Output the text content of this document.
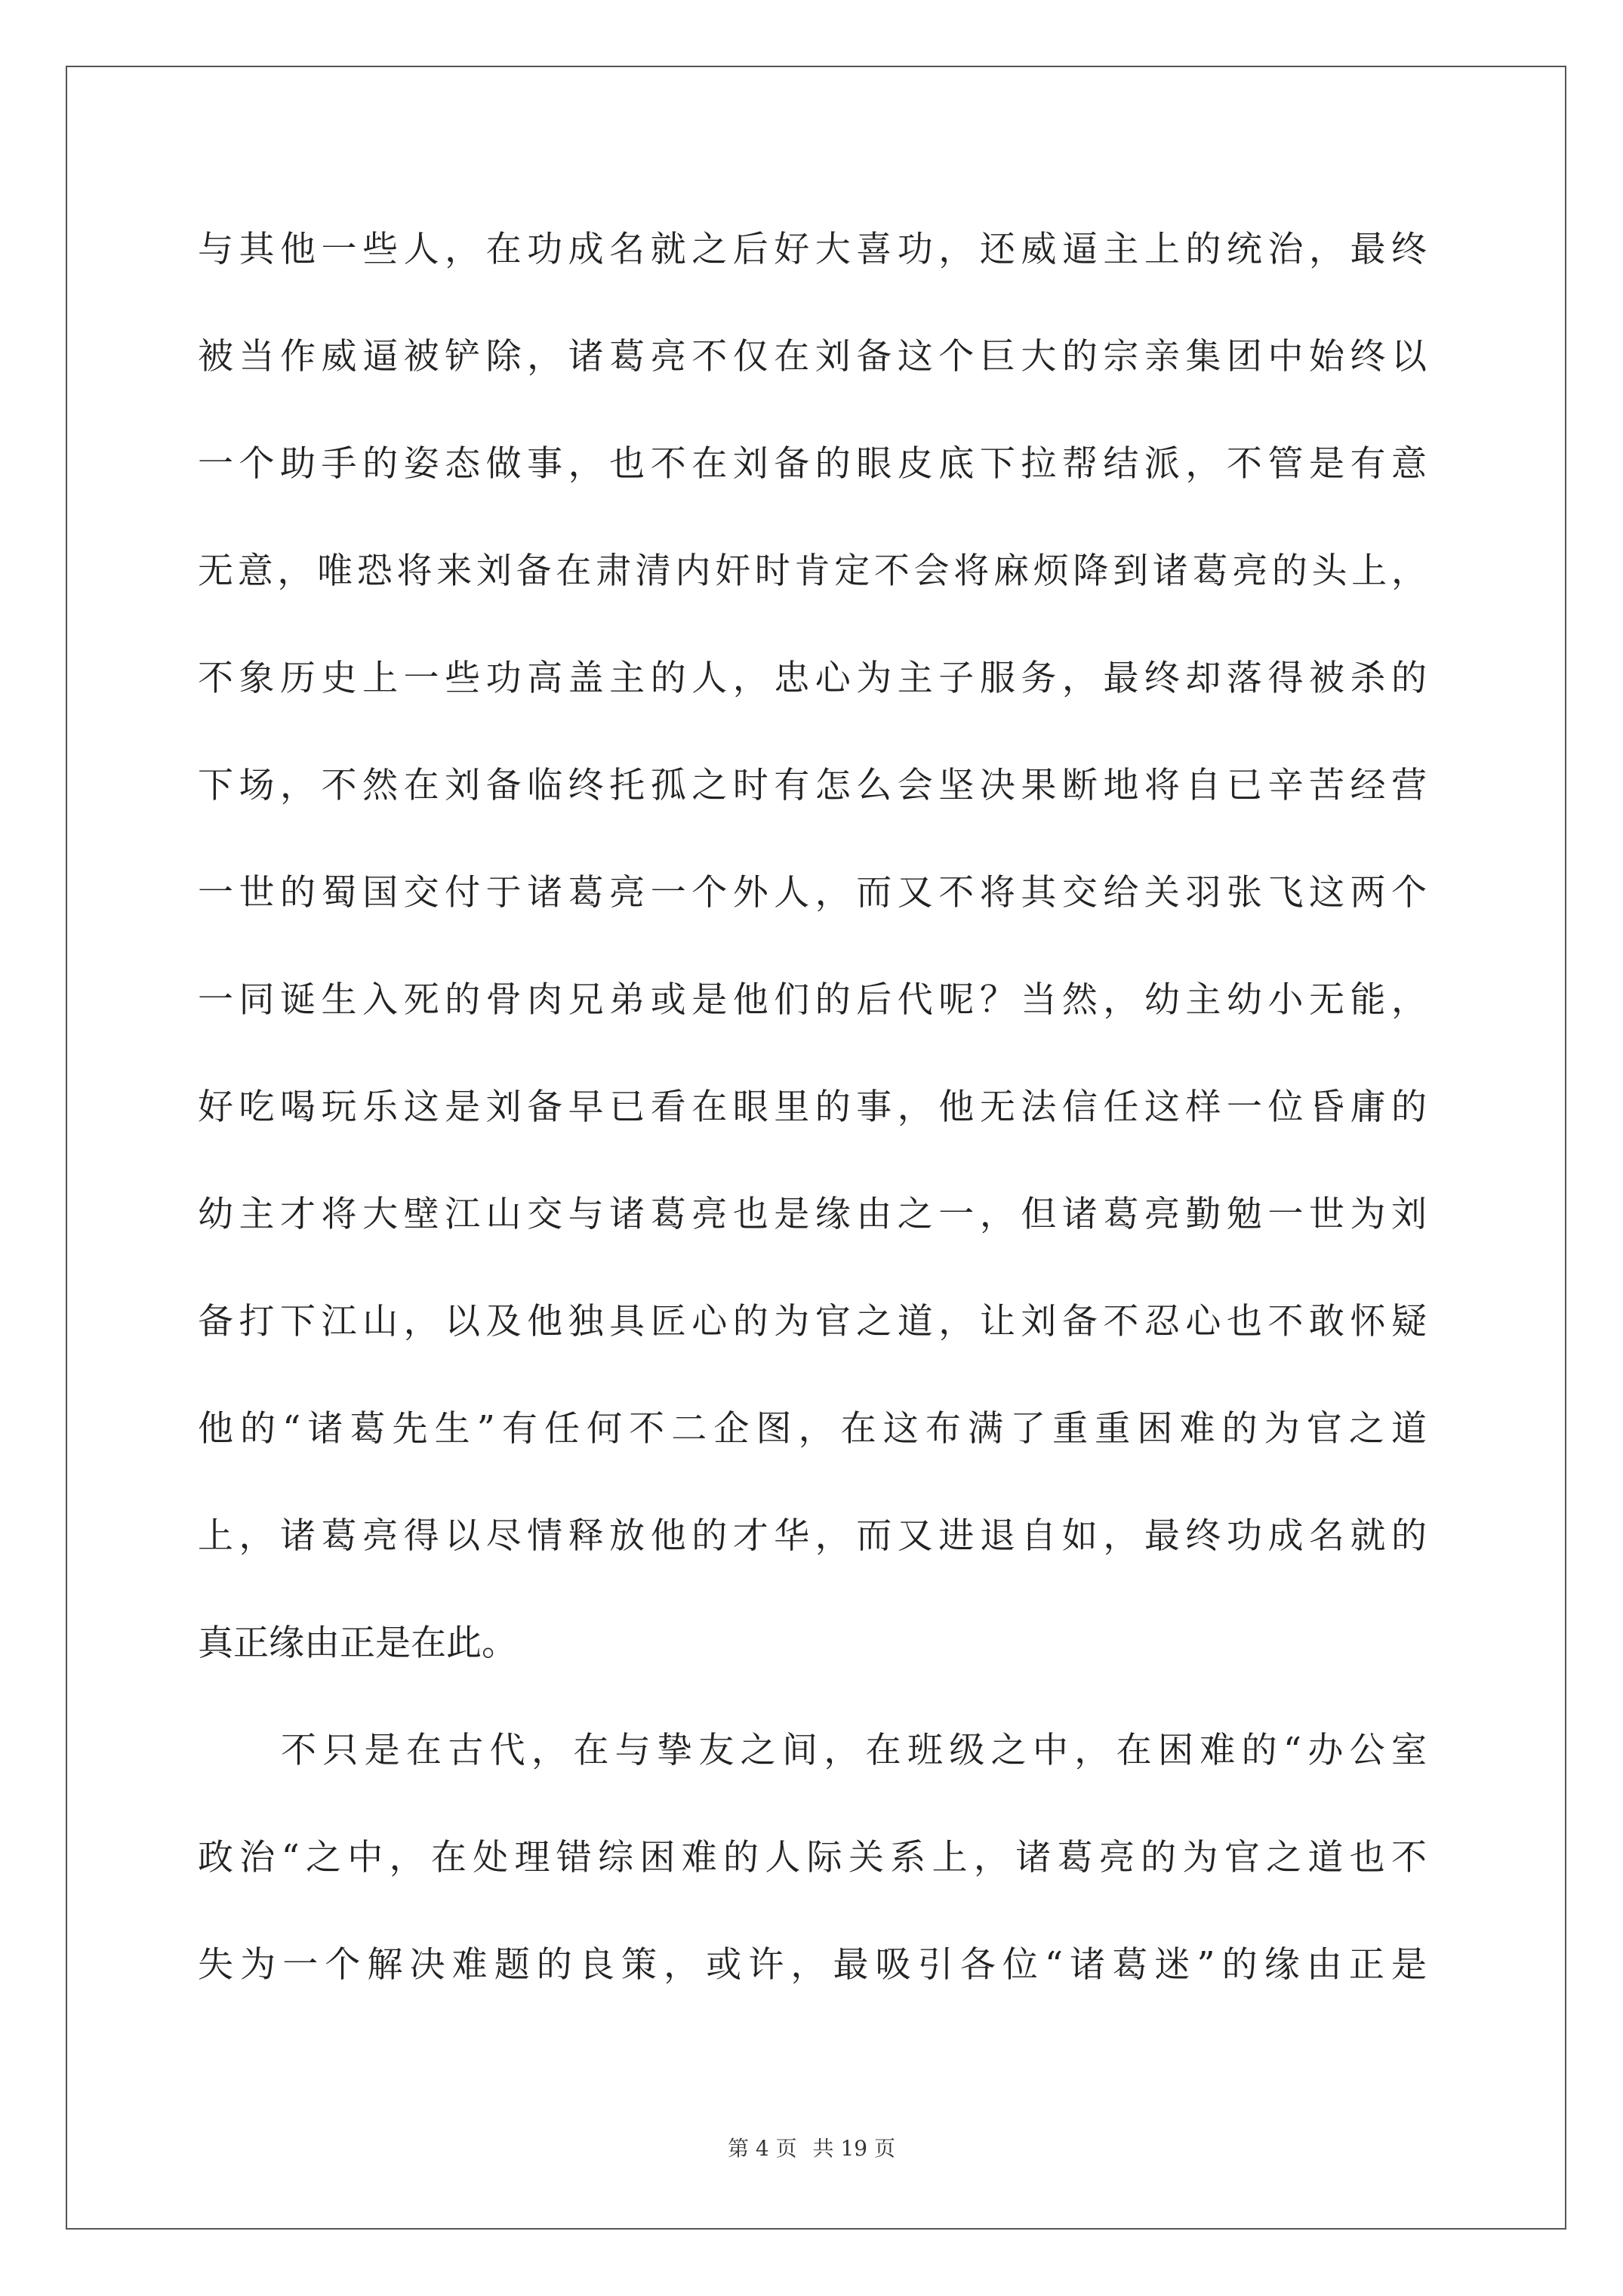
与其他一些人，在功成名就之后好大喜功，还威逼主上的统治，最终
被当作威逼被铲除，诸葛亮不仅在刘备这个巨大的宗亲集团中始终以
一个助手的姿态做事，也不在刘备的眼皮底下拉帮结派，不管是有意
无意，唯恐将来刘备在肃清内奸时肯定不会将麻烦降到诸葛亮的头上，
不象历史上一些功高盖主的人，忠心为主子服务，最终却落得被杀的
下场，不然在刘备临终托孤之时有怎么会坚决果断地将自已辛苦经营
一世的蜀国交付于诸葛亮一个外人，而又不将其交给关羽张飞这两个
一同诞生入死的骨肉兄弟或是他们的后代呢？当然，幼主幼小无能，
好吃喝玩乐这是刘备早已看在眼里的事，他无法信任这样一位昏庸的
幼主才将大壁江山交与诸葛亮也是缘由之一，但诸葛亮勤勉一世为刘
备打下江山，以及他独具匠心的为官之道，让刘备不忍心也不敢怀疑
他的“诸葛先生”有任何不二企图，在这布满了重重困难的为官之道
上，诸葛亮得以尽情释放他的才华，而又进退自如，最终功成名就的
真正缘由正是在此。
不只是在古代，在与挚友之间，在班级之中，在困难的“办公室
政治“之中，在处理错综困难的人际关系上，诸葛亮的为官之道也不
失为一个解决难题的良策，或许，最吸引各位“诸葛迷”的缘由正是
第 4 页 共 19 页
